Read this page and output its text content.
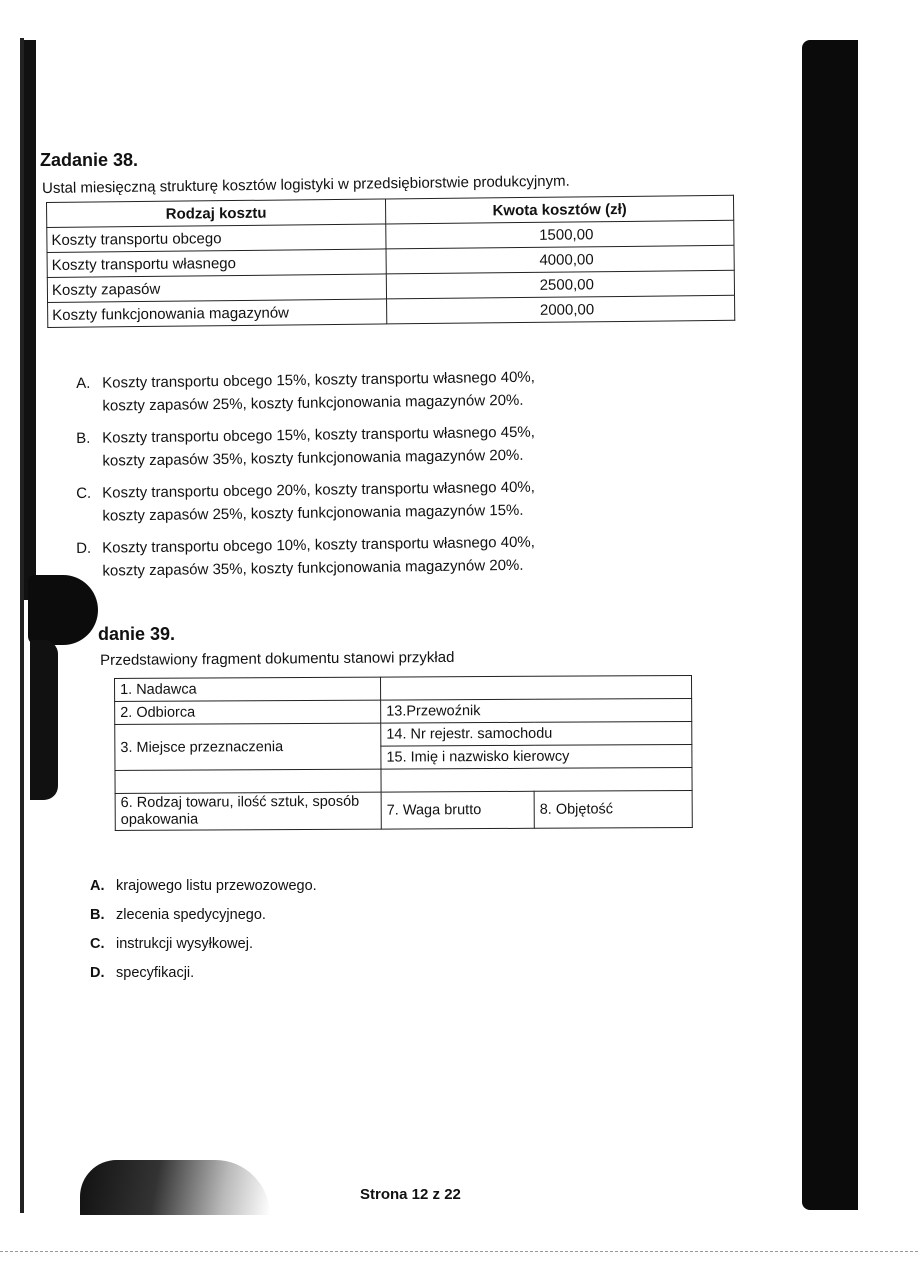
Zadanie 38.
Ustal miesięczną strukturę kosztów logistyki w przedsiębiorstwie produkcyjnym.
Rodzaj kosztu	Kwota kosztów (zł)
Koszty transportu obcego	1500,00
Koszty transportu własnego	4000,00
Koszty zapasów	2500,00
Koszty funkcjonowania magazynów	2000,00
A. Koszty transportu obcego 15%, koszty transportu własnego 40%,
koszty zapasów 25%, koszty funkcjonowania magazynów 20%.
B. Koszty transportu obcego 15%, koszty transportu własnego 45%,
koszty zapasów 35%, koszty funkcjonowania magazynów 20%.
C. Koszty transportu obcego 20%, koszty transportu własnego 40%,
koszty zapasów 25%, koszty funkcjonowania magazynów 15%.
D. Koszty transportu obcego 10%, koszty transportu własnego 40%,
koszty zapasów 35%, koszty funkcjonowania magazynów 20%.
danie 39.
Przedstawiony fragment dokumentu stanowi przykład
1. Nadawca		
2. Odbiorca	13.Przewoźnik	
3. Miejsce przeznaczenia	14. Nr rejestr. samochodu	
	15. Imię i nazwisko kierowcy	

6. Rodzaj towaru, ilość sztuk, sposób opakowania	7. Waga brutto	8. Objętość
A. krajowego listu przewozowego.
B. zlecenia spedycyjnego.
C. instrukcji wysyłkowej.
D. specyfikacji.
Strona 12 z 22
